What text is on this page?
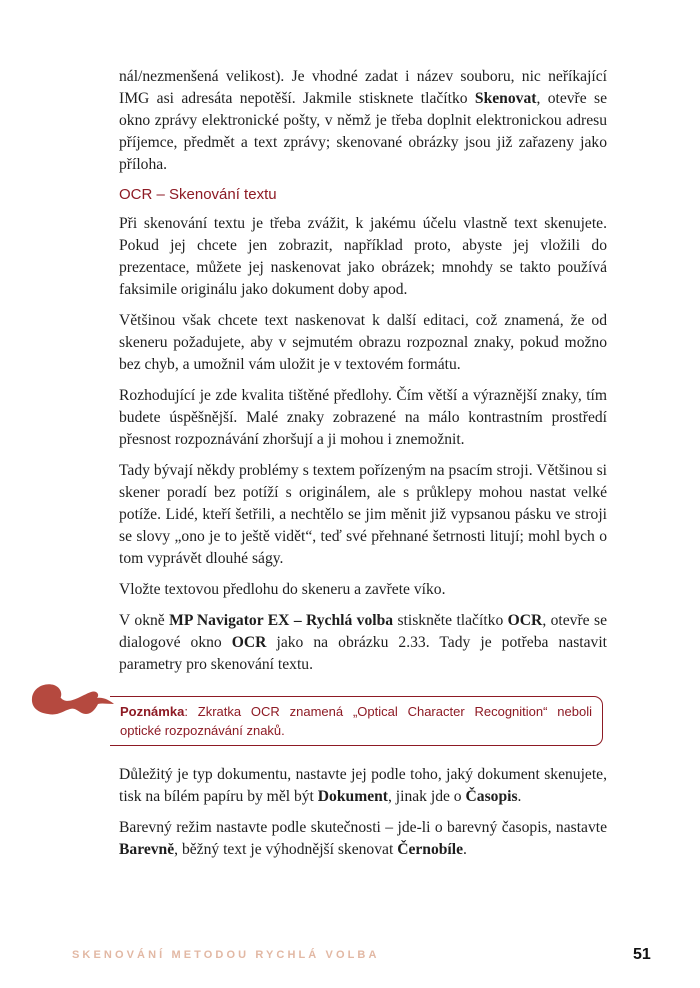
nál/nezmenšená velikost). Je vhodné zadat i název souboru, nic neříkající IMG asi adresáta nepotěší. Jakmile stisknete tlačítko Skenovat, otevře se okno zprávy elektronické pošty, v němž je třeba doplnit elektronickou adresu příjemce, předmět a text zprávy; skenované obrázky jsou již zařazeny jako příloha.

OCR – Skenování textu

Při skenování textu je třeba zvážit, k jakému účelu vlastně text skenujete. Pokud jej chcete jen zobrazit, například proto, abyste jej vložili do prezentace, můžete jej naskenovat jako obrázek; mnohdy se takto používá faksimile originálu jako dokument doby apod.

Většinou však chcete text naskenovat k další editaci, což znamená, že od skeneru požadujete, aby v sejmutém obrazu rozpoznal znaky, pokud možno bez chyb, a umožnil vám uložit je v textovém formátu.

Rozhodující je zde kvalita tištěné předlohy. Čím větší a výraznější znaky, tím budete úspěšnější. Malé znaky zobrazené na málo kontrastním prostředí přesnost rozpoznávání zhoršují a ji mohou i znemožnit.

Tady bývají někdy problémy s textem pořízeným na psacím stroji. Většinou si skener poradí bez potíží s originálem, ale s průklepy mohou nastat velké potíže. Lidé, kteří šetřili, a nechtělo se jim měnit již vypsanou pásku ve stroji se slovy „ono je to ještě vidět“, teď své přehnané šetrnosti litují; mohl bych o tom vyprávět dlouhé ságy.

Vložte textovou předlohu do skeneru a zavřete víko.

V okně MP Navigator EX – Rychlá volba stiskněte tlačítko OCR, otevře se dialogové okno OCR jako na obrázku 2.33. Tady je potřeba nastavit parametry pro skenování textu.

Poznámka: Zkratka OCR znamená „Optical Character Recognition“ neboli optické rozpoznávání znaků.

Důležitý je typ dokumentu, nastavte jej podle toho, jaký dokument skenujete, tisk na bílém papíru by měl být Dokument, jinak jde o Časopis.

Barevný režim nastavte podle skutečnosti – jde-li o barevný časopis, nastavte Barevně, běžný text je výhodnější skenovat Černobíle.

SKENOVÁNÍ METODOU RYCHLÁ VOLBA	51
